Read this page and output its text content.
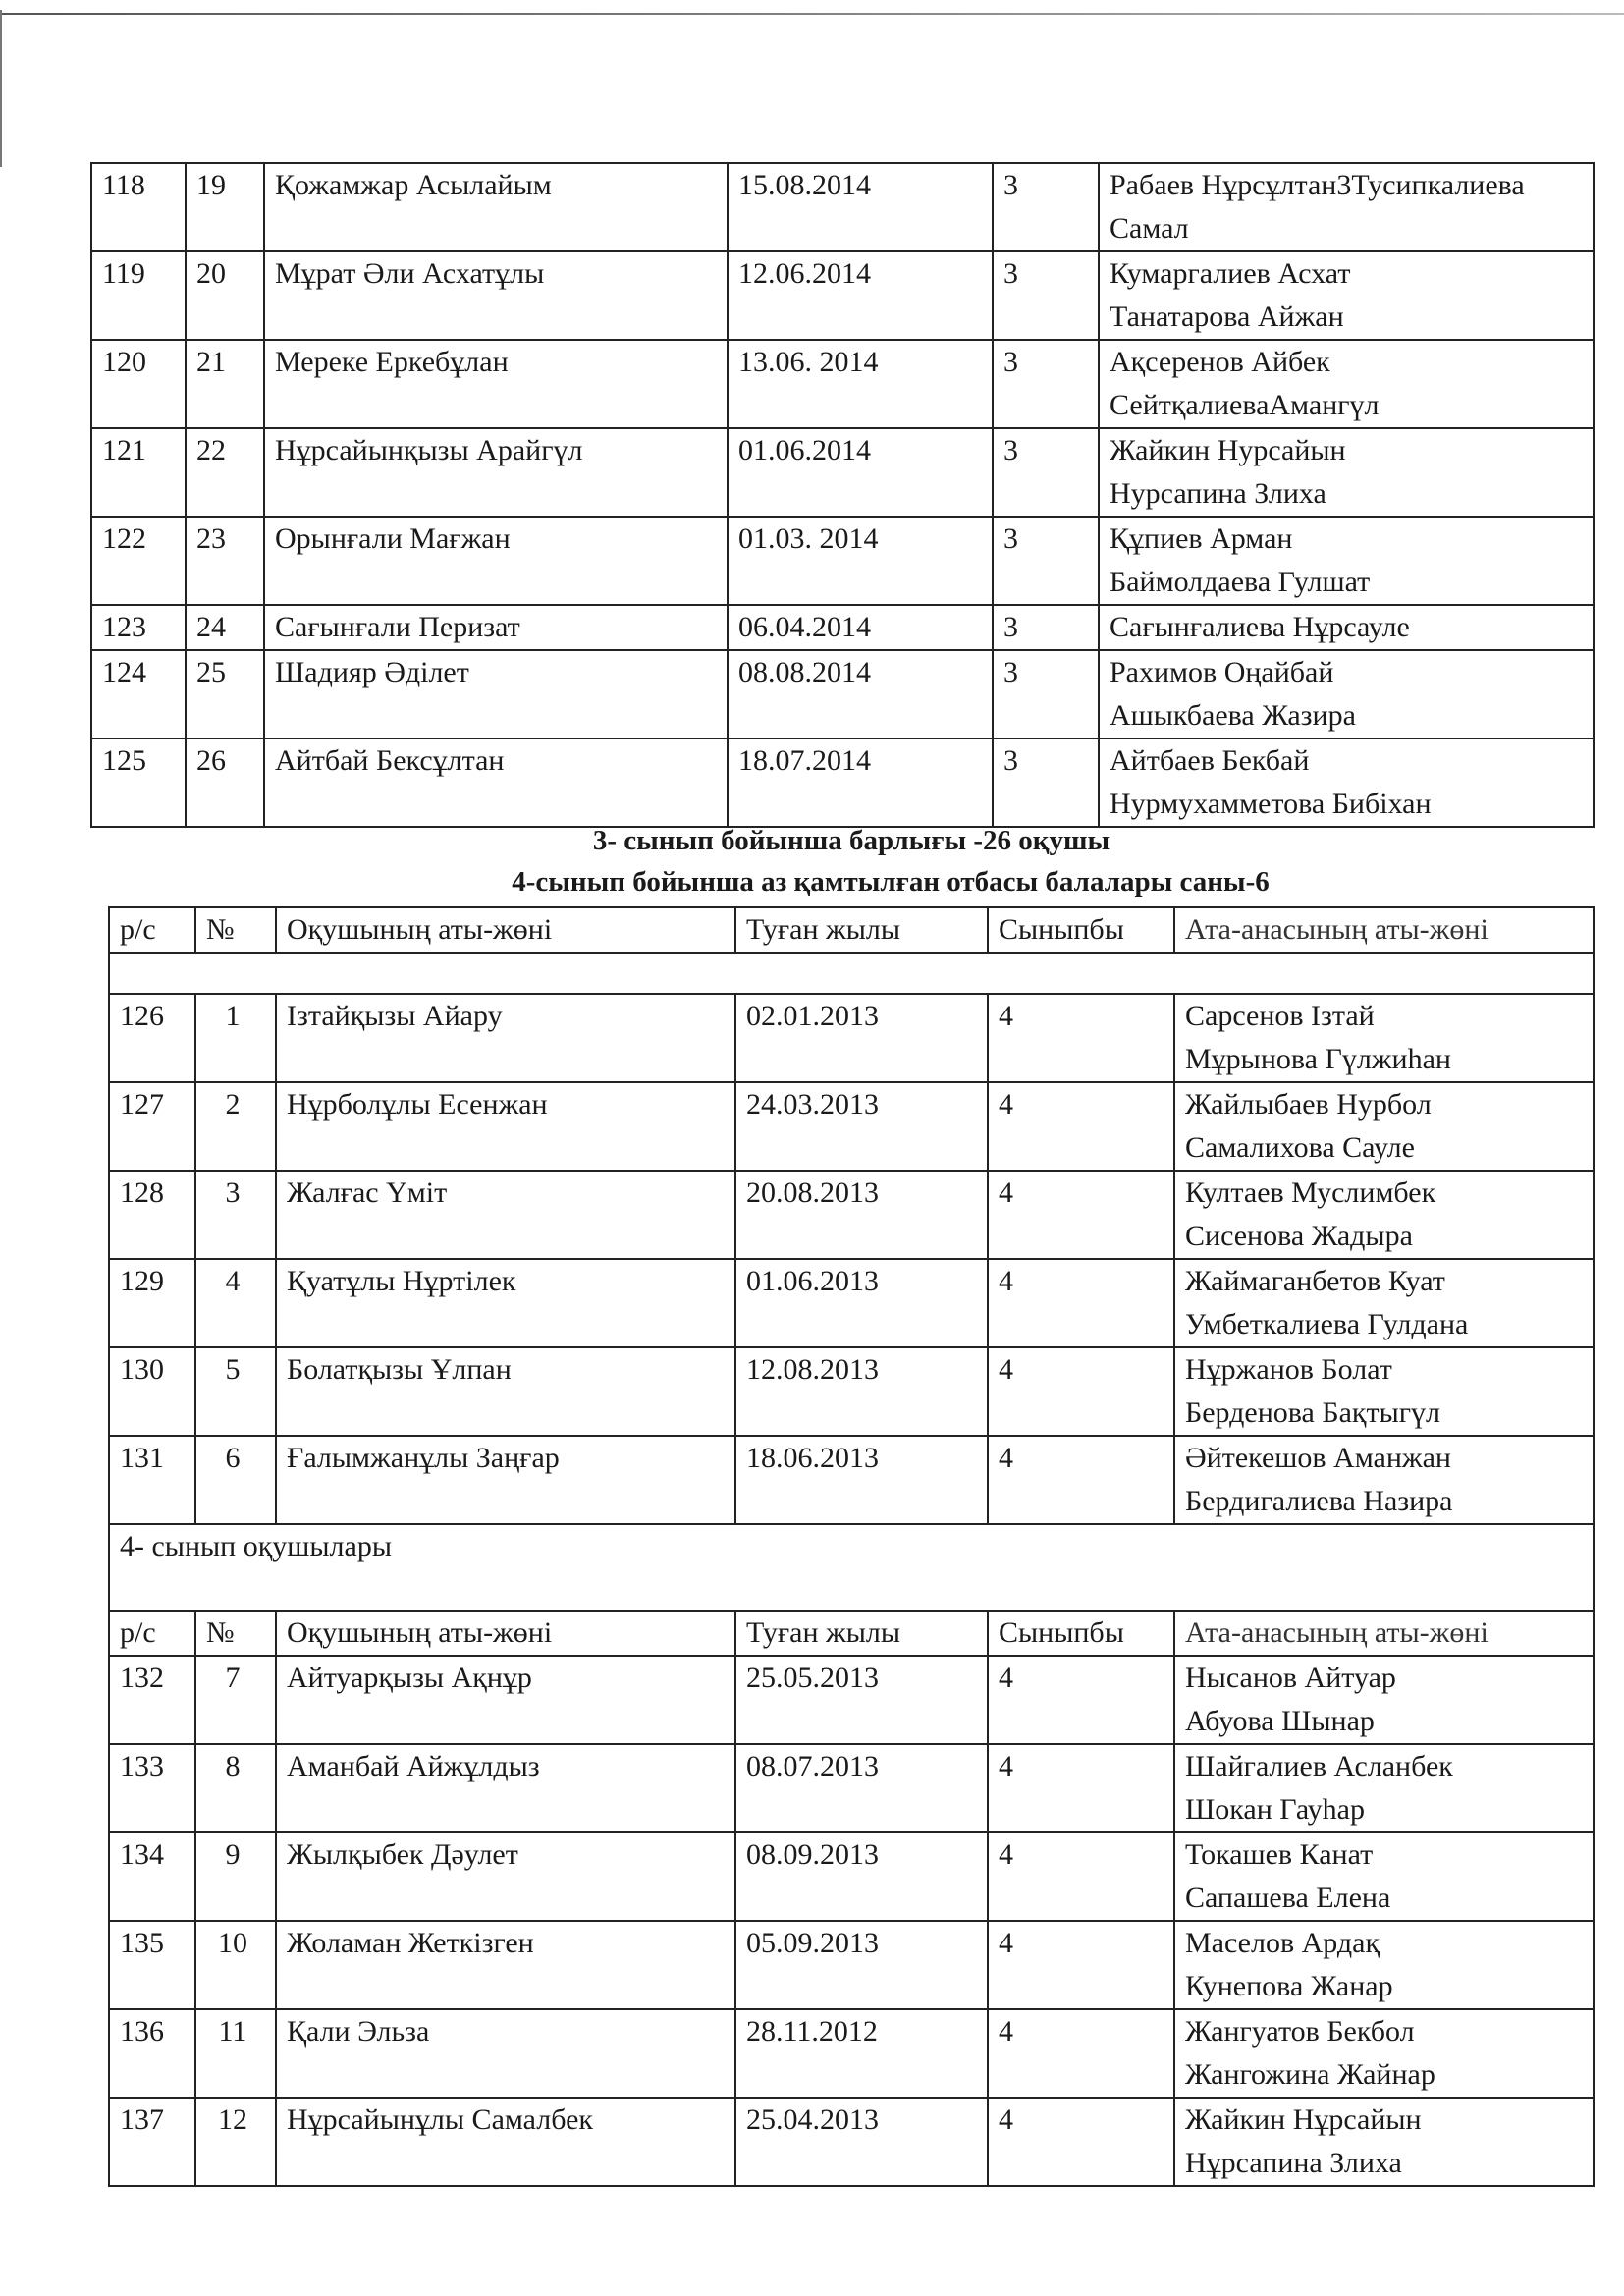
118	19	Қожамжар Асылайым	15.08.2014	3	Рабаев Нұрсұлтан3Тусипкалиева
Самал

119	20	Мұрат Әли Асхатұлы	12.06.2014	3	Кумаргалиев Асхат
Танатарова Айжан

120	21	Мереке Еркебұлан	13.06. 2014	3	Ақсеренов Айбек
СейтқалиеваАмангүл

121	22	Нұрсайынқызы Арайгүл	01.06.2014	3	Жайкин Нурсайын
Нурсапина Злиха

122	23	Орынғали Мағжан	01.03. 2014	3	Құпиев Арман
Баймолдаева Гулшат

123	24	Сағынғали Перизат	06.04.2014	3	Сағынғалиева Нұрсауле

124	25	Шадияр Әділет	08.08.2014	3	Рахимов Оңайбай
Ашыкбаева Жазира

125	26	Айтбай Бексұлтан	18.07.2014	3	Айтбаев Бекбай
Нурмухамметова Бибіхан
3- сынып бойынша барлығы -26 оқушы
4-сынып бойынша аз қамтылған отбасы балалары саны-6
р/с	№	Оқушының аты-жөні	Туған жылы	Сыныпбы	Ата-анасының аты-жөні

126	1	Ізтайқызы Айару	02.01.2013	4	Сарсенов Ізтай
Мұрынова Гүлжиһан

127	2	Нұрболұлы Есенжан	24.03.2013	4	Жайлыбаев Нурбол
Самалихова Сауле

128	3	Жалғас Үміт	20.08.2013	4	Култаев Муслимбек
Сисенова Жадыра

129	4	Қуатұлы Нұртілек	01.06.2013	4	Жаймаганбетов Куат
Умбеткалиева Гулдана

130	5	Болатқызы Ұлпан	12.08.2013	4	Нұржанов Болат
Берденова Бақтыгүл

131	6	Ғалымжанұлы Заңғар	18.06.2013	4	Әйтекешов Аманжан
Бердигалиева Назира

4- сынып оқушылары					
р/с	№	Оқушының аты-жөні	Туған жылы	Сыныпбы	Ата-анасының аты-жөні
132	7	Айтуарқызы Ақнұр	25.05.2013	4	Нысанов Айтуар
Абуова Шынар

133	8	Аманбай Айжұлдыз	08.07.2013	4	Шайгалиев Асланбек
Шокан Гауһар

134	9	Жылқыбек Дәулет	08.09.2013	4	Токашев Канат
Сапашева Елена

135	10	Жоламан Жеткізген	05.09.2013	4	Маселов Ардақ
Кунепова Жанар

136	11	Қали Эльза	28.11.2012	4	Жангуатов Бекбол
Жангожина Жайнар

137	12	Нұрсайынұлы Самалбек	25.04.2013	4	Жайкин Нұрсайын
Нұрсапина Злиха
